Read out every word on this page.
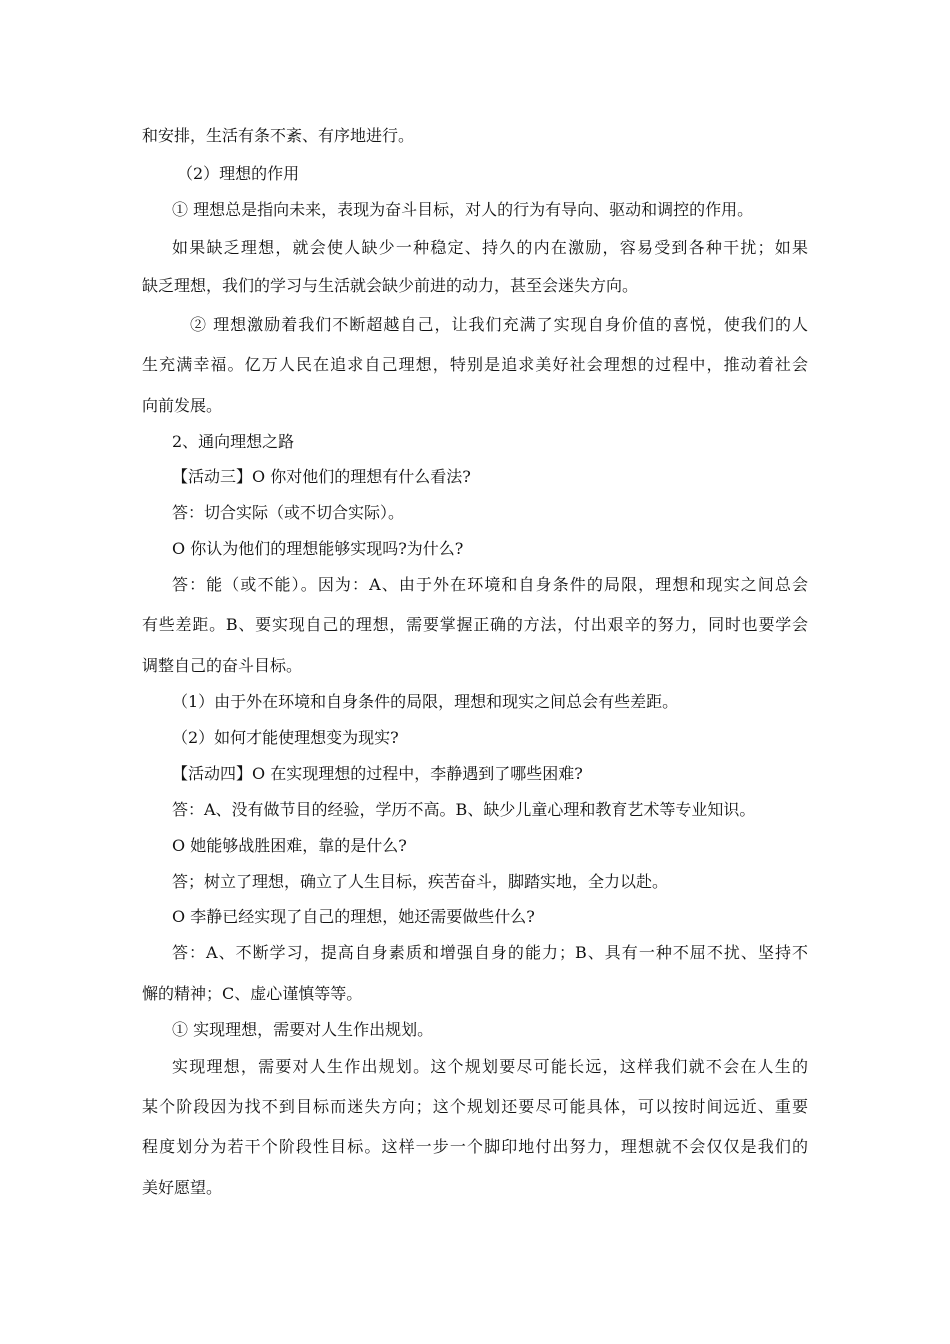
和安排，生活有条不紊、有序地进行。
（2）理想的作用
① 理想总是指向未来，表现为奋斗目标，对人的行为有导向、驱动和调控的作用。
如果缺乏理想，就会使人缺少一种稳定、持久的内在激励，容易受到各种干扰；如果
缺乏理想，我们的学习与生活就会缺少前进的动力，甚至会迷失方向。
② 理想激励着我们不断超越自己，让我们充满了实现自身价值的喜悦，使我们的人
生充满幸福。亿万人民在追求自己理想，特别是追求美好社会理想的过程中，推动着社会
向前发展。
2、通向理想之路
【活动三】O 你对他们的理想有什么看法?
答：切合实际（或不切合实际）。
O 你认为他们的理想能够实现吗?为什么?
答：能（或不能）。因为：A、由于外在环境和自身条件的局限，理想和现实之间总会
有些差距。B、要实现自己的理想，需要掌握正确的方法，付出艰辛的努力，同时也要学会
调整自己的奋斗目标。
（1）由于外在环境和自身条件的局限，理想和现实之间总会有些差距。
（2）如何才能使理想变为现实?
【活动四】O 在实现理想的过程中，李静遇到了哪些困难?
答：A、没有做节目的经验，学历不高。B、缺少儿童心理和教育艺术等专业知识。
O 她能够战胜困难，靠的是什么?
答；树立了理想，确立了人生目标，疾苦奋斗，脚踏实地，全力以赴。
O 李静已经实现了自己的理想，她还需要做些什么?
答：A、不断学习，提高自身素质和增强自身的能力；B、具有一种不屈不扰、坚持不
懈的精神；C、虚心谨慎等等。
① 实现理想，需要对人生作出规划。
实现理想，需要对人生作出规划。这个规划要尽可能长远，这样我们就不会在人生的
某个阶段因为找不到目标而迷失方向；这个规划还要尽可能具体，可以按时间远近、重要
程度划分为若干个阶段性目标。这样一步一个脚印地付出努力，理想就不会仅仅是我们的
美好愿望。
